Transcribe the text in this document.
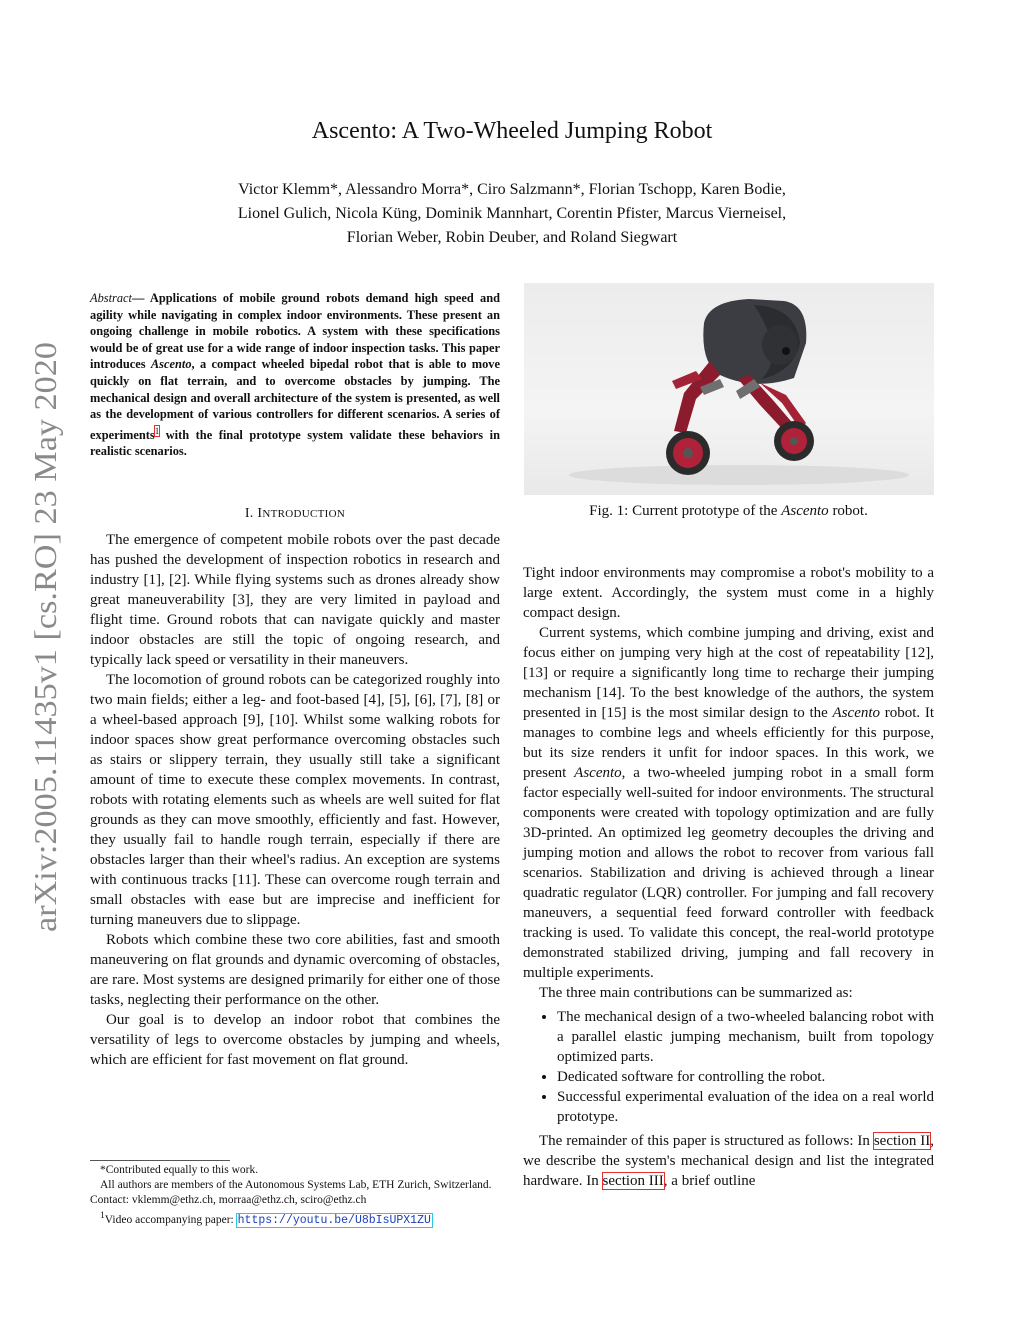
arXiv:2005.11435v1 [cs.RO] 23 May 2020
Ascento: A Two-Wheeled Jumping Robot
Victor Klemm*, Alessandro Morra*, Ciro Salzmann*, Florian Tschopp, Karen Bodie,
Lionel Gulich, Nicola Küng, Dominik Mannhart, Corentin Pfister, Marcus Vierneisel,
Florian Weber, Robin Deuber, and Roland Siegwart
Abstract— Applications of mobile ground robots demand high speed and agility while navigating in complex indoor environments. These present an ongoing challenge in mobile robotics. A system with these specifications would be of great use for a wide range of indoor inspection tasks. This paper introduces Ascento, a compact wheeled bipedal robot that is able to move quickly on flat terrain, and to overcome obstacles by jumping. The mechanical design and overall architecture of the system is presented, as well as the development of various controllers for different scenarios. A series of experiments$^1$ with the final prototype system validate these behaviors in realistic scenarios.
I. INTRODUCTION

The emergence of competent mobile robots over the past decade has pushed the development of inspection robotics in research and industry [1], [2]. While flying systems such as drones already show great maneuverability [3], they are very limited in payload and flight time. Ground robots that can navigate quickly and master indoor obstacles are still the topic of ongoing research, and typically lack speed or versatility in their maneuvers.

The locomotion of ground robots can be categorized roughly into two main fields; either a leg- and foot-based [4], [5], [6], [7], [8] or a wheel-based approach [9], [10]. Whilst some walking robots for indoor spaces show great performance overcoming obstacles such as stairs or slippery terrain, they usually still take a significant amount of time to execute these complex movements. In contrast, robots with rotating elements such as wheels are well suited for flat grounds as they can move smoothly, efficiently and fast. However, they usually fail to handle rough terrain, especially if there are obstacles larger than their wheel's radius. An exception are systems with continuous tracks [11]. These can overcome rough terrain and small obstacles with ease but are imprecise and inefficient for turning maneuvers due to slippage.

Robots which combine these two core abilities, fast and smooth maneuvering on flat grounds and dynamic overcoming of obstacles, are rare. Most systems are designed primarily for either one of those tasks, neglecting their performance on the other.

Our goal is to develop an indoor robot that combines the versatility of legs to overcome obstacles by jumping and wheels, which are efficient for fast movement on flat ground.

*Contributed equally to this work.
All authors are members of the Autonomous Systems Lab, ETH Zurich, Switzerland. Contact: vklemm@ethz.ch, morraa@ethz.ch, sciro@ethz.ch
$^1$Video accompanying paper: https://youtu.be/U8bIsUPX1ZU
Fig. 1: Current prototype of the Ascento robot.

Tight indoor environments may compromise a robot's mobility to a large extent. Accordingly, the system must come in a highly compact design.

Current systems, which combine jumping and driving, exist and focus either on jumping very high at the cost of repeatability [12], [13] or require a significantly long time to recharge their jumping mechanism [14]. To the best knowledge of the authors, the system presented in [15] is the most similar design to the Ascento robot. It manages to combine legs and wheels efficiently for this purpose, but its size renders it unfit for indoor spaces. In this work, we present Ascento, a two-wheeled jumping robot in a small form factor especially well-suited for indoor environments. The structural components were created with topology optimization and are fully 3D-printed. An optimized leg geometry decouples the driving and jumping motion and allows the robot to recover from various fall scenarios. Stabilization and driving is achieved through a linear quadratic regulator (LQR) controller. For jumping and fall recovery maneuvers, a sequential feed forward controller with feedback tracking is used. To validate this concept, the real-world prototype demonstrated stabilized driving, jumping and fall recovery in multiple experiments.

The three main contributions can be summarized as:

• The mechanical design of a two-wheeled balancing robot with a parallel elastic jumping mechanism, built from topology optimized parts.
• Dedicated software for controlling the robot.
• Successful experimental evaluation of the idea on a real world prototype.

The remainder of this paper is structured as follows: In section II, we describe the system's mechanical design and list the integrated hardware. In section III, a brief outline
